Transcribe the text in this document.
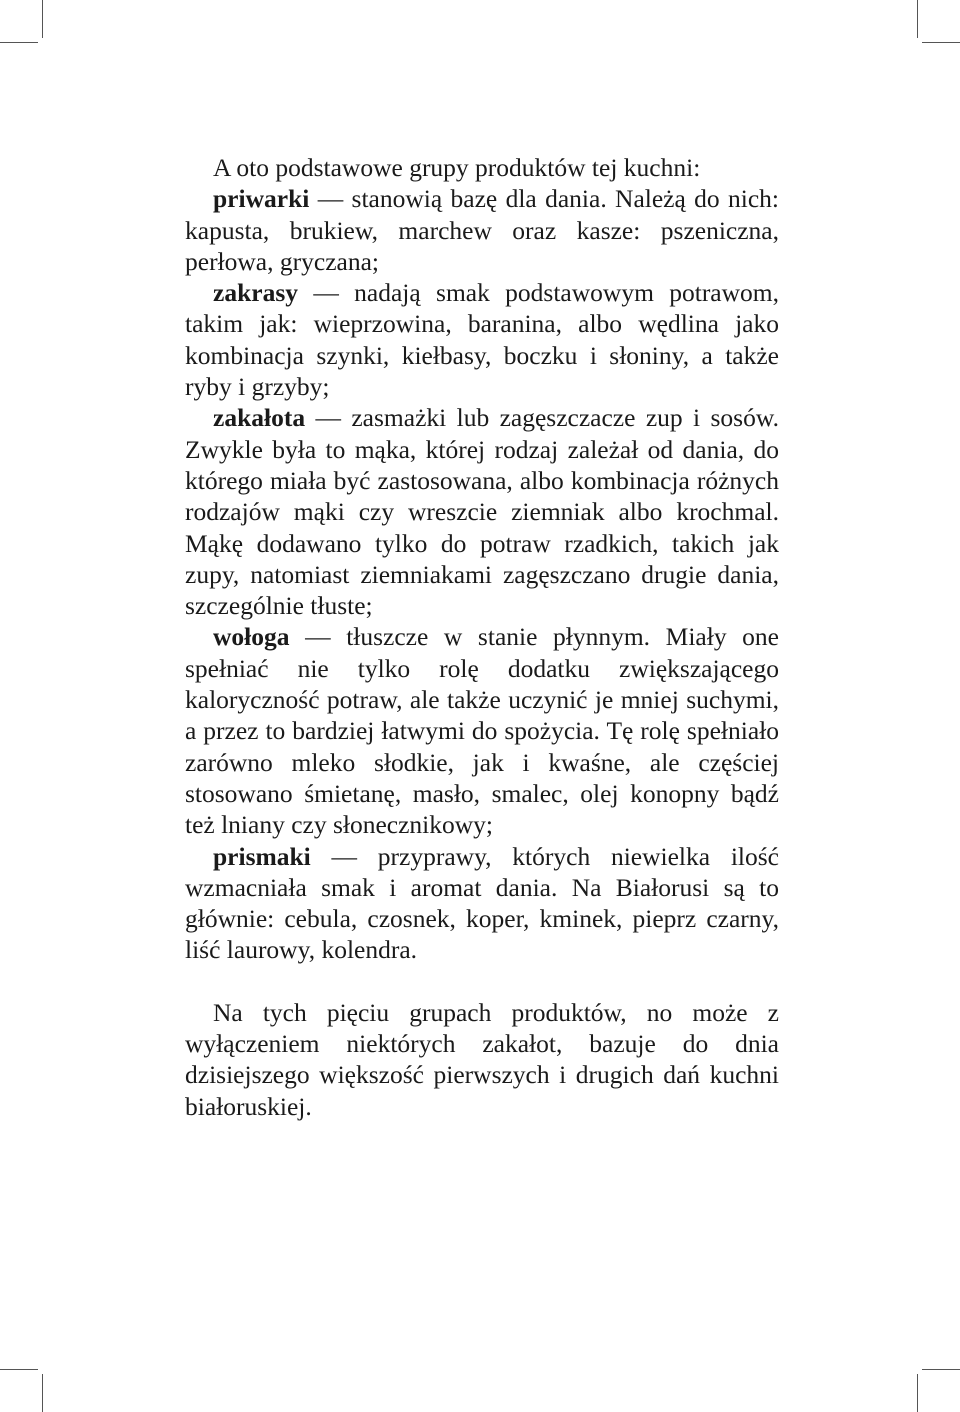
A oto podstawowe grupy produktów tej kuchni:

priwarki — stanowią bazę dla dania. Należą do nich: kapusta, brukiew, marchew oraz kasze: pszeniczna, perłowa, gryczana;

zakrasy — nadają smak podstawowym potrawom, takim jak: wieprzowina, baranina, albo wędlina jako kombinacja szynki, kiełbasy, boczku i słoniny, a także ryby i grzyby;

zakałota — zasmażki lub zagęszczacze zup i sosów. Zwykle była to mąka, której rodzaj zależał od dania, do którego miała być zastosowana, albo kombinacja różnych rodzajów mąki czy wreszcie ziemniak albo krochmal. Mąkę dodawano tylko do potraw rzadkich, takich jak zupy, natomiast ziemniakami zagęszczano drugie dania, szczególnie tłuste;

wołoga — tłuszcze w stanie płynnym. Miały one spełniać nie tylko rolę dodatku zwiększającego kaloryczność potraw, ale także uczynić je mniej suchymi, a przez to bardziej łatwymi do spożycia. Tę rolę spełniało zarówno mleko słodkie, jak i kwaśne, ale częściej stosowano śmietanę, masło, smalec, olej konopny bądź też lniany czy słonecznikowy;

prismaki — przyprawy, których niewielka ilość wzmacniała smak i aromat dania. Na Białorusi są to głównie: cebula, czosnek, koper, kminek, pieprz czarny, liść laurowy, kolendra.

Na tych pięciu grupach produktów, no może z wyłączeniem niektórych zakałot, bazuje do dnia dzisiejszego większość pierwszych i drugich dań kuchni białoruskiej.
